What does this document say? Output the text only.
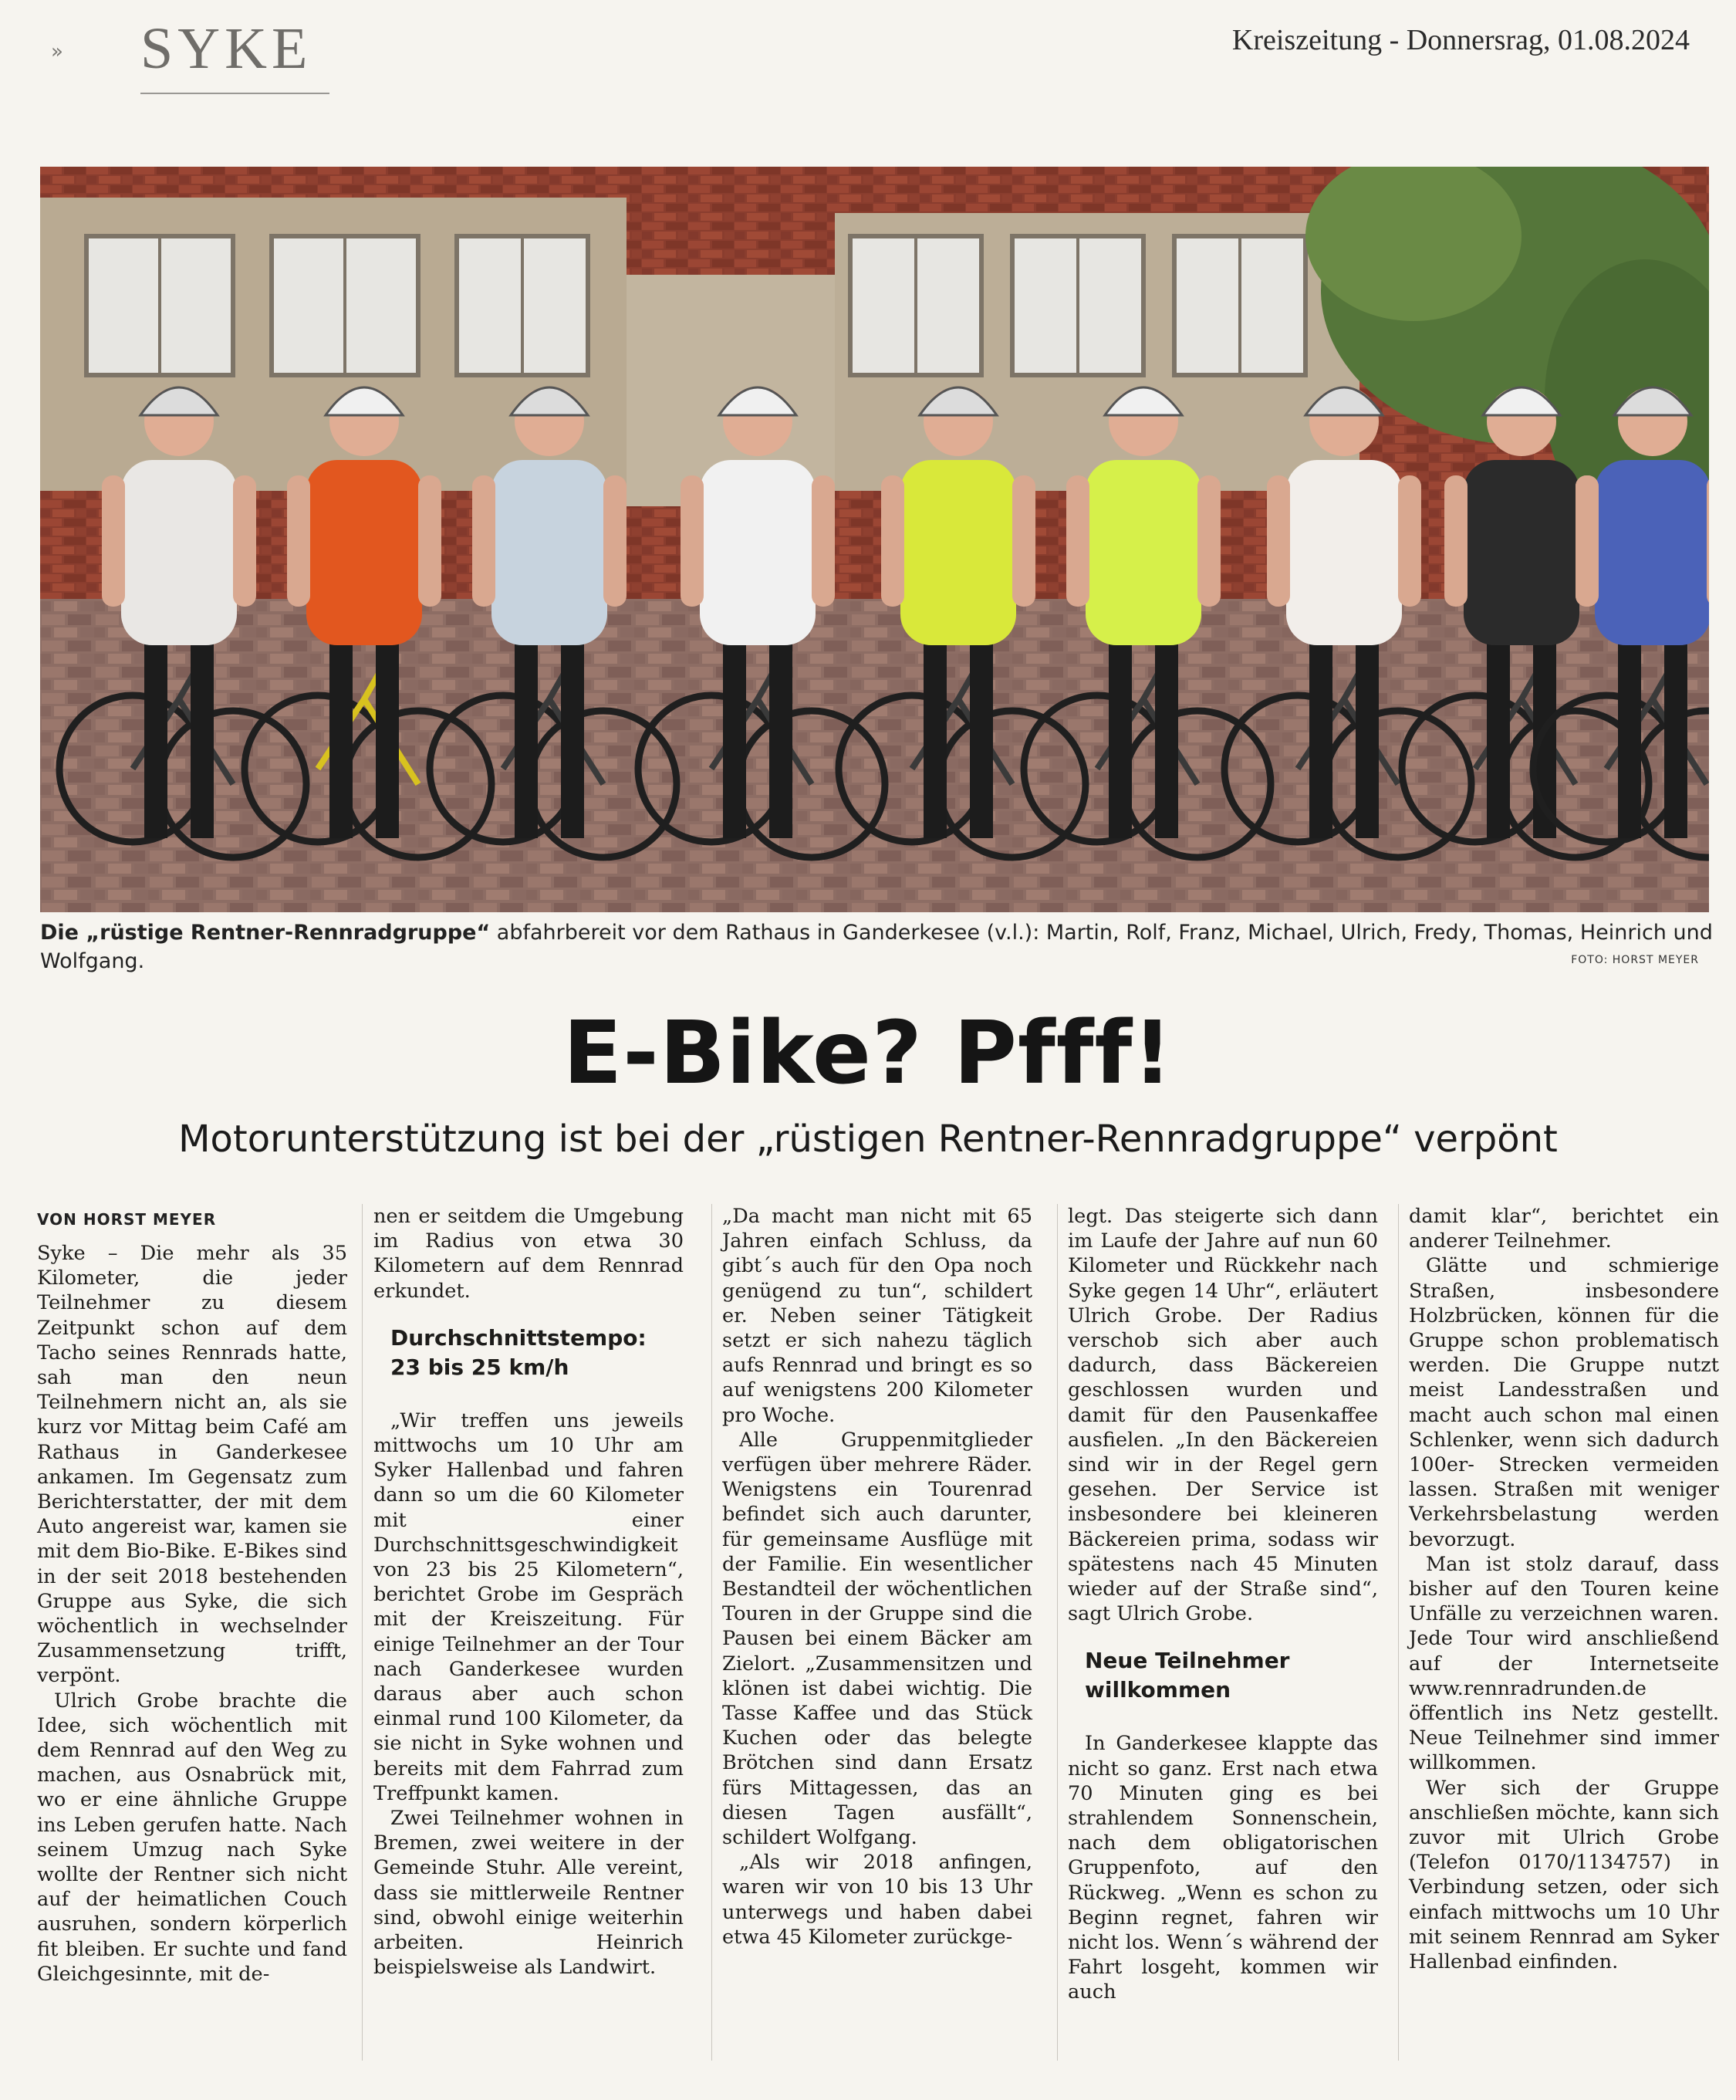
» SYKE	Kreiszeitung - Donnersrag, 01.08.2024
Die „rüstige Rentner-Rennradgruppe“ abfahrbereit vor dem Rathaus in Ganderkesee (v.l.): Martin, Rolf, Franz, Michael, Ulrich, Fredy, Thomas, Heinrich und Wolfgang.	FOTO: HORST MEYER
E-Bike? Pfff!
Motorunterstützung ist bei der „rüstigen Rentner-Rennradgruppe“ verpönt

Syke – Die mehr als 35 Kilometer, die jeder Teilnehmer zu diesem Zeitpunkt schon auf dem Tacho seines Rennrads hatte, sah man den neun Teilnehmern nicht an, als sie kurz vor Mittag beim Café am Rathaus in Ganderkesee ankamen. Im Gegensatz zum Berichterstatter, der mit dem Auto angereist war, kamen sie mit dem Bio-Bike. E-Bikes sind in der seit 2018 bestehenden Gruppe aus Syke, die sich wöchentlich in wechselnder Zusammensetzung trifft, verpönt.

Ulrich Grobe brachte die Idee, sich wöchentlich mit dem Rennrad auf den Weg zu machen, aus Osnabrück mit, wo er eine ähnliche Gruppe ins Leben gerufen hatte. Nach seinem Umzug nach Syke wollte der Rentner sich nicht auf der heimatlichen Couch ausruhen, sondern körperlich fit bleiben. Er suchte und fand Gleichgesinnte, mit de-

VON HORST MEYER	nen er seitdem die Umgebung im Radius von etwa 30 Kilometern auf dem Rennrad erkundet.

Durchschnittstempo: 23 bis 25 km/h

„Wir treffen uns jeweils mittwochs um 10 Uhr am Syker Hallenbad und fahren dann so um die 60 Kilometer mit einer Durchschnittsgeschwindigkeit von 23 bis 25 Kilometern“, berichtet Grobe im Gespräch mit der Kreiszeitung. Für einige Teilnehmer an der Tour nach Ganderkesee wurden daraus aber auch schon einmal rund 100 Kilometer, da sie nicht in Syke wohnen und bereits mit dem Fahrrad zum Treffpunkt kamen.

Zwei Teilnehmer wohnen in Bremen, zwei weitere in der Gemeinde Stuhr. Alle vereint, dass sie mittlerweile Rentner sind, obwohl einige weiterhin arbeiten. Heinrich beispielsweise als Landwirt.

„Da macht man nicht mit 65 Jahren einfach Schluss, da gibt´s auch für den Opa noch genügend zu tun“, schildert er. Neben seiner Tätigkeit setzt er sich nahezu täglich aufs Rennrad und bringt es so auf wenigstens 200 Kilometer pro Woche.

Alle Gruppenmitglieder verfügen über mehrere Räder. Wenigstens ein Tourenrad befindet sich auch darunter, für gemeinsame Ausflüge mit der Familie. Ein wesentlicher Bestandteil der wöchentlichen Touren in der Gruppe sind die Pausen bei einem Bäcker am Zielort. „Zusammensitzen und klönen ist dabei wichtig. Die Tasse Kaffee und das Stück Kuchen oder das belegte Brötchen sind dann Ersatz fürs Mittagessen, das an diesen Tagen ausfällt“, schildert Wolfgang.

„Als wir 2018 anfingen, waren wir von 10 bis 13 Uhr unterwegs und haben dabei etwa 45 Kilometer zurückge-

legt. Das steigerte sich dann im Laufe der Jahre auf nun 60 Kilometer und Rückkehr nach Syke gegen 14 Uhr“, erläutert Ulrich Grobe. Der Radius verschob sich aber auch dadurch, dass Bäckereien geschlossen wurden und damit für den Pausenkaffee ausfielen. „In den Bäckereien sind wir in der Regel gern gesehen. Der Service ist insbesondere bei kleineren Bäckereien prima, sodass wir spätestens nach 45 Minuten wieder auf der Straße sind“, sagt Ulrich Grobe.

Neue Teilnehmer willkommen

In Ganderkesee klappte das nicht so ganz. Erst nach etwa 70 Minuten ging es bei strahlendem Sonnenschein, nach dem obligatorischen Gruppenfoto, auf den Rückweg. „Wenn es schon zu Beginn regnet, fahren wir nicht los. Wenn´s während der Fahrt losgeht, kommen wir auch

damit klar“, berichtet ein anderer Teilnehmer.

Glätte und schmierige Straßen, insbesondere Holzbrücken, können für die Gruppe schon problematisch werden. Die Gruppe nutzt meist Landesstraßen und macht auch schon mal einen Schlenker, wenn sich dadurch 100er- Strecken vermeiden lassen. Straßen mit weniger Verkehrsbelastung werden bevorzugt.

Man ist stolz darauf, dass bisher auf den Touren keine Unfälle zu verzeichnen waren. Jede Tour wird anschließend auf der Internetseite www.rennradrunden.de öffentlich ins Netz gestellt. Neue Teilnehmer sind immer willkommen.

Wer sich der Gruppe anschließen möchte, kann sich zuvor mit Ulrich Grobe (Telefon 0170/1134757) in Verbindung setzen, oder sich einfach mittwochs um 10 Uhr mit seinem Rennrad am Syker Hallenbad einfinden.
